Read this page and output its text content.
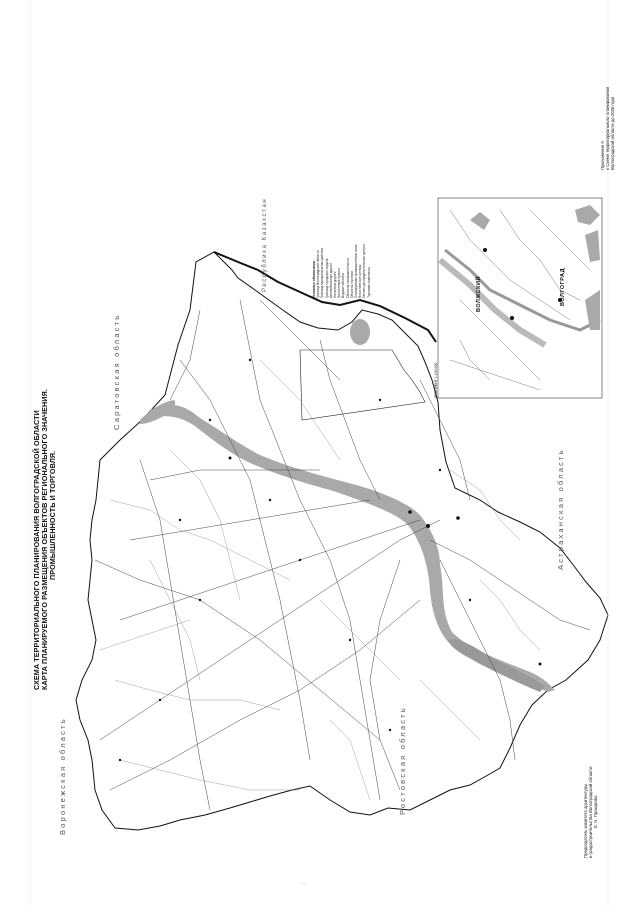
СХЕМА ТЕРРИТОРИАЛЬНОГО ПЛАНИРОВАНИЯ ВОЛГОГРАДСКОЙ ОБЛАСТИ КАРТА ПЛАНИРУЕМОГО РАЗМЕЩЕНИЯ ОБЪЕКТОВ РЕГИОНАЛЬНОГО ЗНАЧЕНИЯ. ПРОМЫШЛЕННОСТЬ И ТОРГОВЛЯ.
Воронежская область	Ростовская область
Саратовская область
Республика Казахстан
Астраханская область
Условные обозначения Граница Волгоградской области Граница муниципальных районов Граница городских округов Автомобильные дороги Железные дороги Населенные пункты Водные объекты Объекты промышленности Объекты торговли Планируемые промышленные зоны Логистические центры Оптово-распределительные центры Торговые комплексы	ВОЛЖСКИЙ	ВОЛГОГРАД
ФРАГМЕНТ 1:100 000
Приложение 9 к Схеме территориального планирования Волгоградской области до 2030 года
Председатель комитета архитектуры и градостроительства Волгоградской области Е. Н. Прохорова
.....
